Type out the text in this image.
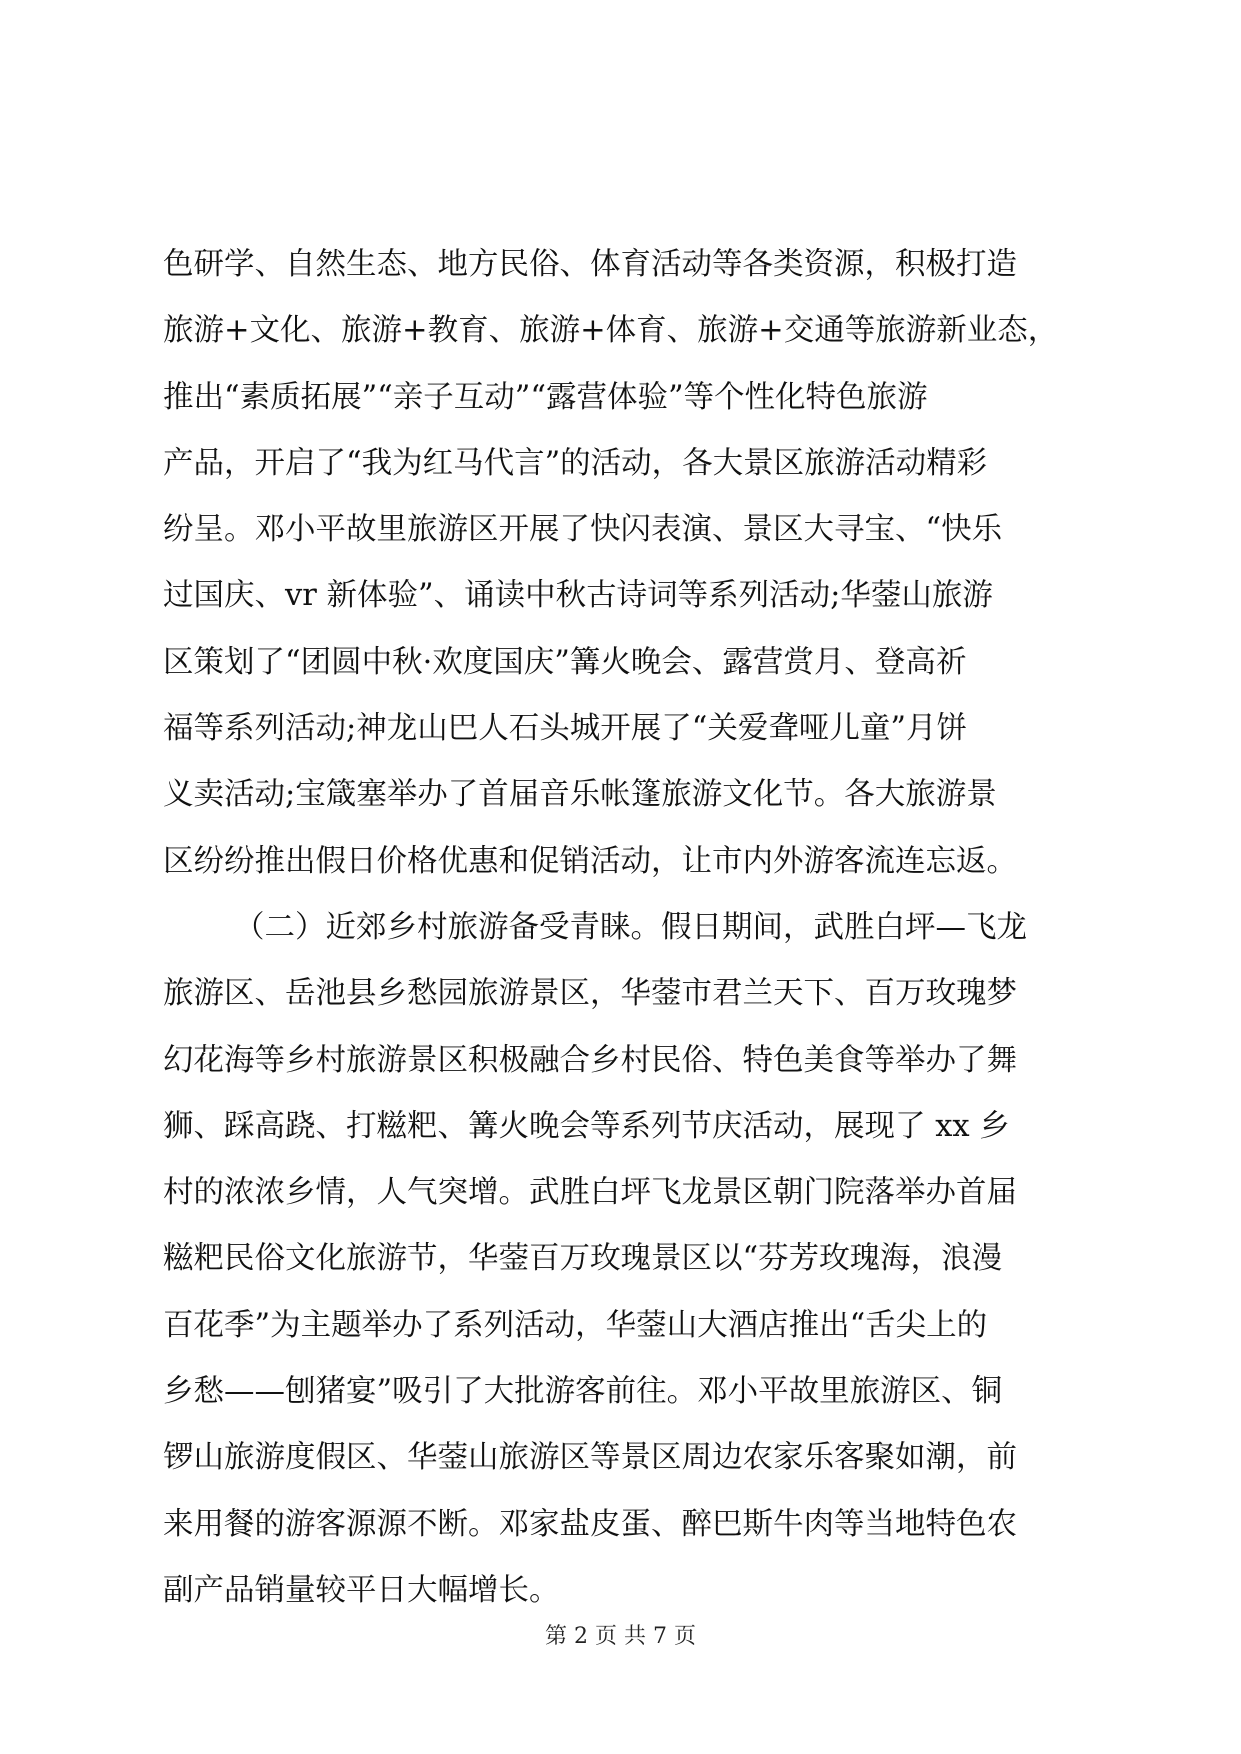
色研学、自然生态、地方民俗、体育活动等各类资源，积极打造
旅游+文化、旅游+教育、旅游+体育、旅游+交通等旅游新业态，
推出“素质拓展”“亲子互动”“露营体验”等个性化特色旅游
产品，开启了“我为红马代言”的活动，各大景区旅游活动精彩
纷呈。邓小平故里旅游区开展了快闪表演、景区大寻宝、“快乐
过国庆、vr 新体验”、诵读中秋古诗词等系列活动;华蓥山旅游
区策划了“团圆中秋·欢度国庆”篝火晚会、露营赏月、登高祈
福等系列活动;神龙山巴人石头城开展了“关爱聋哑儿童”月饼
义卖活动;宝箴塞举办了首届音乐帐篷旅游文化节。各大旅游景
区纷纷推出假日价格优惠和促销活动，让市内外游客流连忘返。
（二）近郊乡村旅游备受青睐。假日期间，武胜白坪—飞龙
旅游区、岳池县乡愁园旅游景区，华蓥市君兰天下、百万玫瑰梦
幻花海等乡村旅游景区积极融合乡村民俗、特色美食等举办了舞
狮、踩高跷、打糍粑、篝火晚会等系列节庆活动，展现了 xx 乡
村的浓浓乡情，人气突增。武胜白坪飞龙景区朝门院落举办首届
糍粑民俗文化旅游节，华蓥百万玫瑰景区以“芬芳玫瑰海，浪漫
百花季”为主题举办了系列活动，华蓥山大酒店推出“舌尖上的
乡愁——刨猪宴”吸引了大批游客前往。邓小平故里旅游区、铜
锣山旅游度假区、华蓥山旅游区等景区周边农家乐客聚如潮，前
来用餐的游客源源不断。邓家盐皮蛋、醉巴斯牛肉等当地特色农
副产品销量较平日大幅增长。
第 2 页 共 7 页
